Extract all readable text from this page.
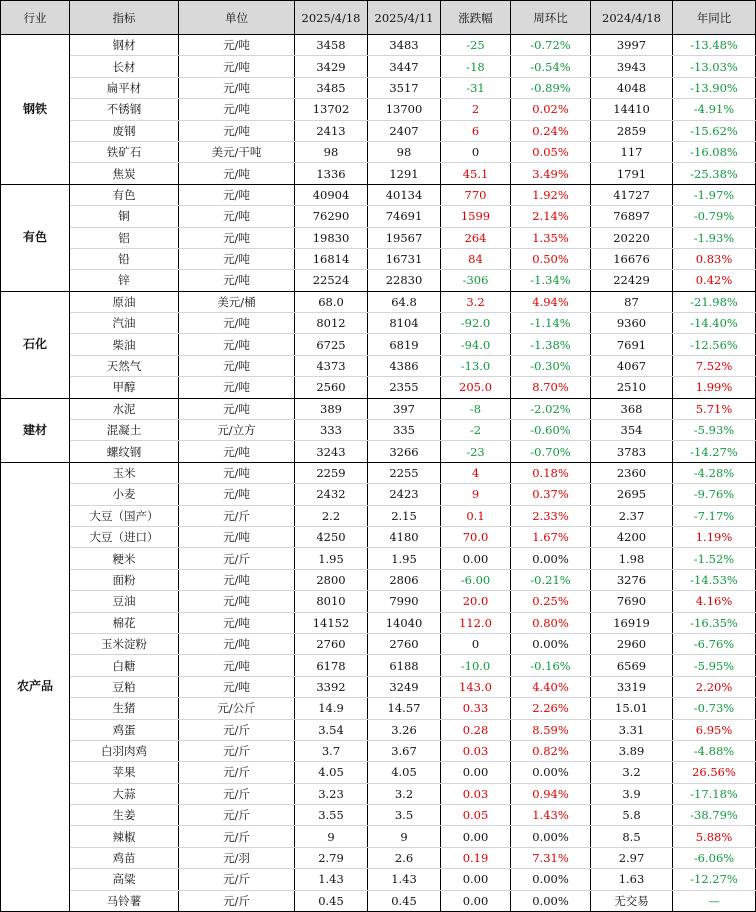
行业	指标	单位	2025/4/18	2025/4/11	涨跌幅	周环比	2024/4/18	年同比
钢铁	钢材	元/吨	3458	3483	-25	-0.72%	3997	-13.48%
	长材	元/吨	3429	3447	-18	-0.54%	3943	-13.03%
	扁平材	元/吨	3485	3517	-31	-0.89%	4048	-13.90%
	不锈钢	元/吨	13702	13700	2	0.02%	14410	-4.91%
	废钢	元/吨	2413	2407	6	0.24%	2859	-15.62%
	铁矿石	美元/干吨	98	98	0	0.05%	117	-16.08%
	焦炭	元/吨	1336	1291	45.1	3.49%	1791	-25.38%
有色	有色	元/吨	40904	40134	770	1.92%	41727	-1.97%
	铜	元/吨	76290	74691	1599	2.14%	76897	-0.79%
	铝	元/吨	19830	19567	264	1.35%	20220	-1.93%
	铅	元/吨	16814	16731	84	0.50%	16676	0.83%
	锌	元/吨	22524	22830	-306	-1.34%	22429	0.42%
石化	原油	美元/桶	68.0	64.8	3.2	4.94%	87	-21.98%
	汽油	元/吨	8012	8104	-92.0	-1.14%	9360	-14.40%
	柴油	元/吨	6725	6819	-94.0	-1.38%	7691	-12.56%
	天然气	元/吨	4373	4386	-13.0	-0.30%	4067	7.52%
	甲醇	元/吨	2560	2355	205.0	8.70%	2510	1.99%
建材	水泥	元/吨	389	397	-8	-2.02%	368	5.71%
	混凝土	元/立方	333	335	-2	-0.60%	354	-5.93%
	螺纹钢	元/吨	3243	3266	-23	-0.70%	3783	-14.27%
农产品	玉米	元/吨	2259	2255	4	0.18%	2360	-4.28%
	小麦	元/吨	2432	2423	9	0.37%	2695	-9.76%
	大豆（国产）	元/斤	2.2	2.15	0.1	2.33%	2.37	-7.17%
	大豆（进口）	元/吨	4250	4180	70.0	1.67%	4200	1.19%
	粳米	元/斤	1.95	1.95	0.00	0.00%	1.98	-1.52%
	面粉	元/吨	2800	2806	-6.00	-0.21%	3276	-14.53%
	豆油	元/吨	8010	7990	20.0	0.25%	7690	4.16%
	棉花	元/吨	14152	14040	112.0	0.80%	16919	-16.35%
	玉米淀粉	元/吨	2760	2760	0	0.00%	2960	-6.76%
	白糖	元/吨	6178	6188	-10.0	-0.16%	6569	-5.95%
	豆粕	元/吨	3392	3249	143.0	4.40%	3319	2.20%
	生猪	元/公斤	14.9	14.57	0.33	2.26%	15.01	-0.73%
	鸡蛋	元/斤	3.54	3.26	0.28	8.59%	3.31	6.95%
	白羽肉鸡	元/斤	3.7	3.67	0.03	0.82%	3.89	-4.88%
	苹果	元/斤	4.05	4.05	0.00	0.00%	3.2	26.56%
	大蒜	元/斤	3.23	3.2	0.03	0.94%	3.9	-17.18%
	生姜	元/斤	3.55	3.5	0.05	1.43%	5.8	-38.79%
	辣椒	元/斤	9	9	0.00	0.00%	8.5	5.88%
	鸡苗	元/羽	2.79	2.6	0.19	7.31%	2.97	-6.06%
	高粱	元/斤	1.43	1.43	0.00	0.00%	1.63	-12.27%
	马铃薯	元/斤	0.45	0.45	0.00	0.00%	无交易	—
